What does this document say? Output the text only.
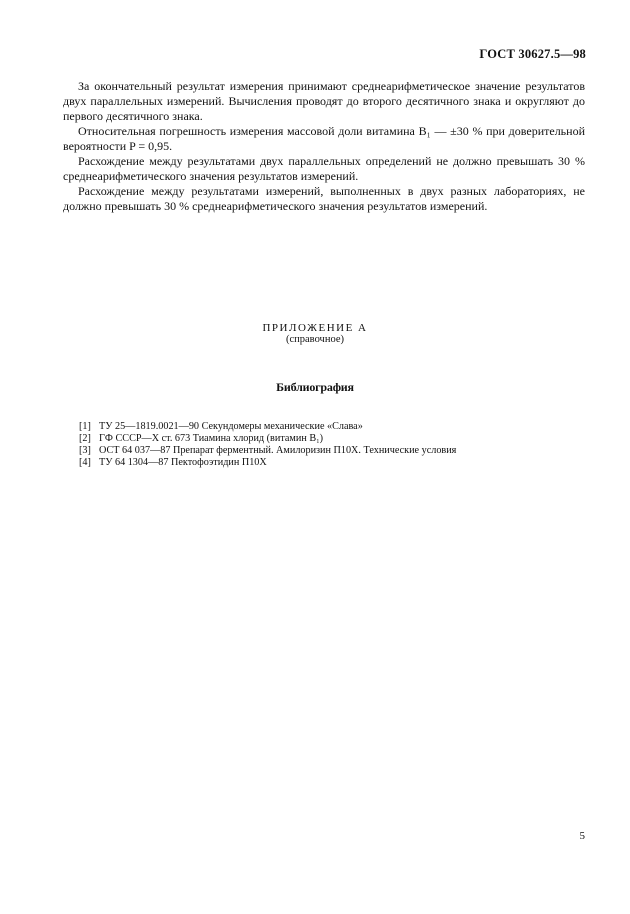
ГОСТ 30627.5—98

За окончательный результат измерения принимают среднеарифметическое значение результатов двух параллельных измерений. Вычисления проводят до второго десятичного знака и округляют до первого десятичного знака.

Относительная погрешность измерения массовой доли витамина B₁ — ±30 % при доверительной вероятности P = 0,95.

Расхождение между результатами двух параллельных определений не должно превышать 30 % среднеарифметического значения результатов измерений.

Расхождение между результатами измерений, выполненных в двух разных лабораториях, не должно превышать 30 % среднеарифметического значения результатов измерений.

ПРИЛОЖЕНИЕ А
(справочное)
Библиография
[1] ТУ 25—1819.0021—90 Секундомеры механические «Слава»
[2] ГФ СССР—X ст. 673 Тиамина хлорид (витамин B₁)
[3] ОСТ 64 037—87 Препарат ферментный. Амилоризин П10Х. Технические условия
[4] ТУ 64 1304—87 Пектофоэтидин П10Х
5
